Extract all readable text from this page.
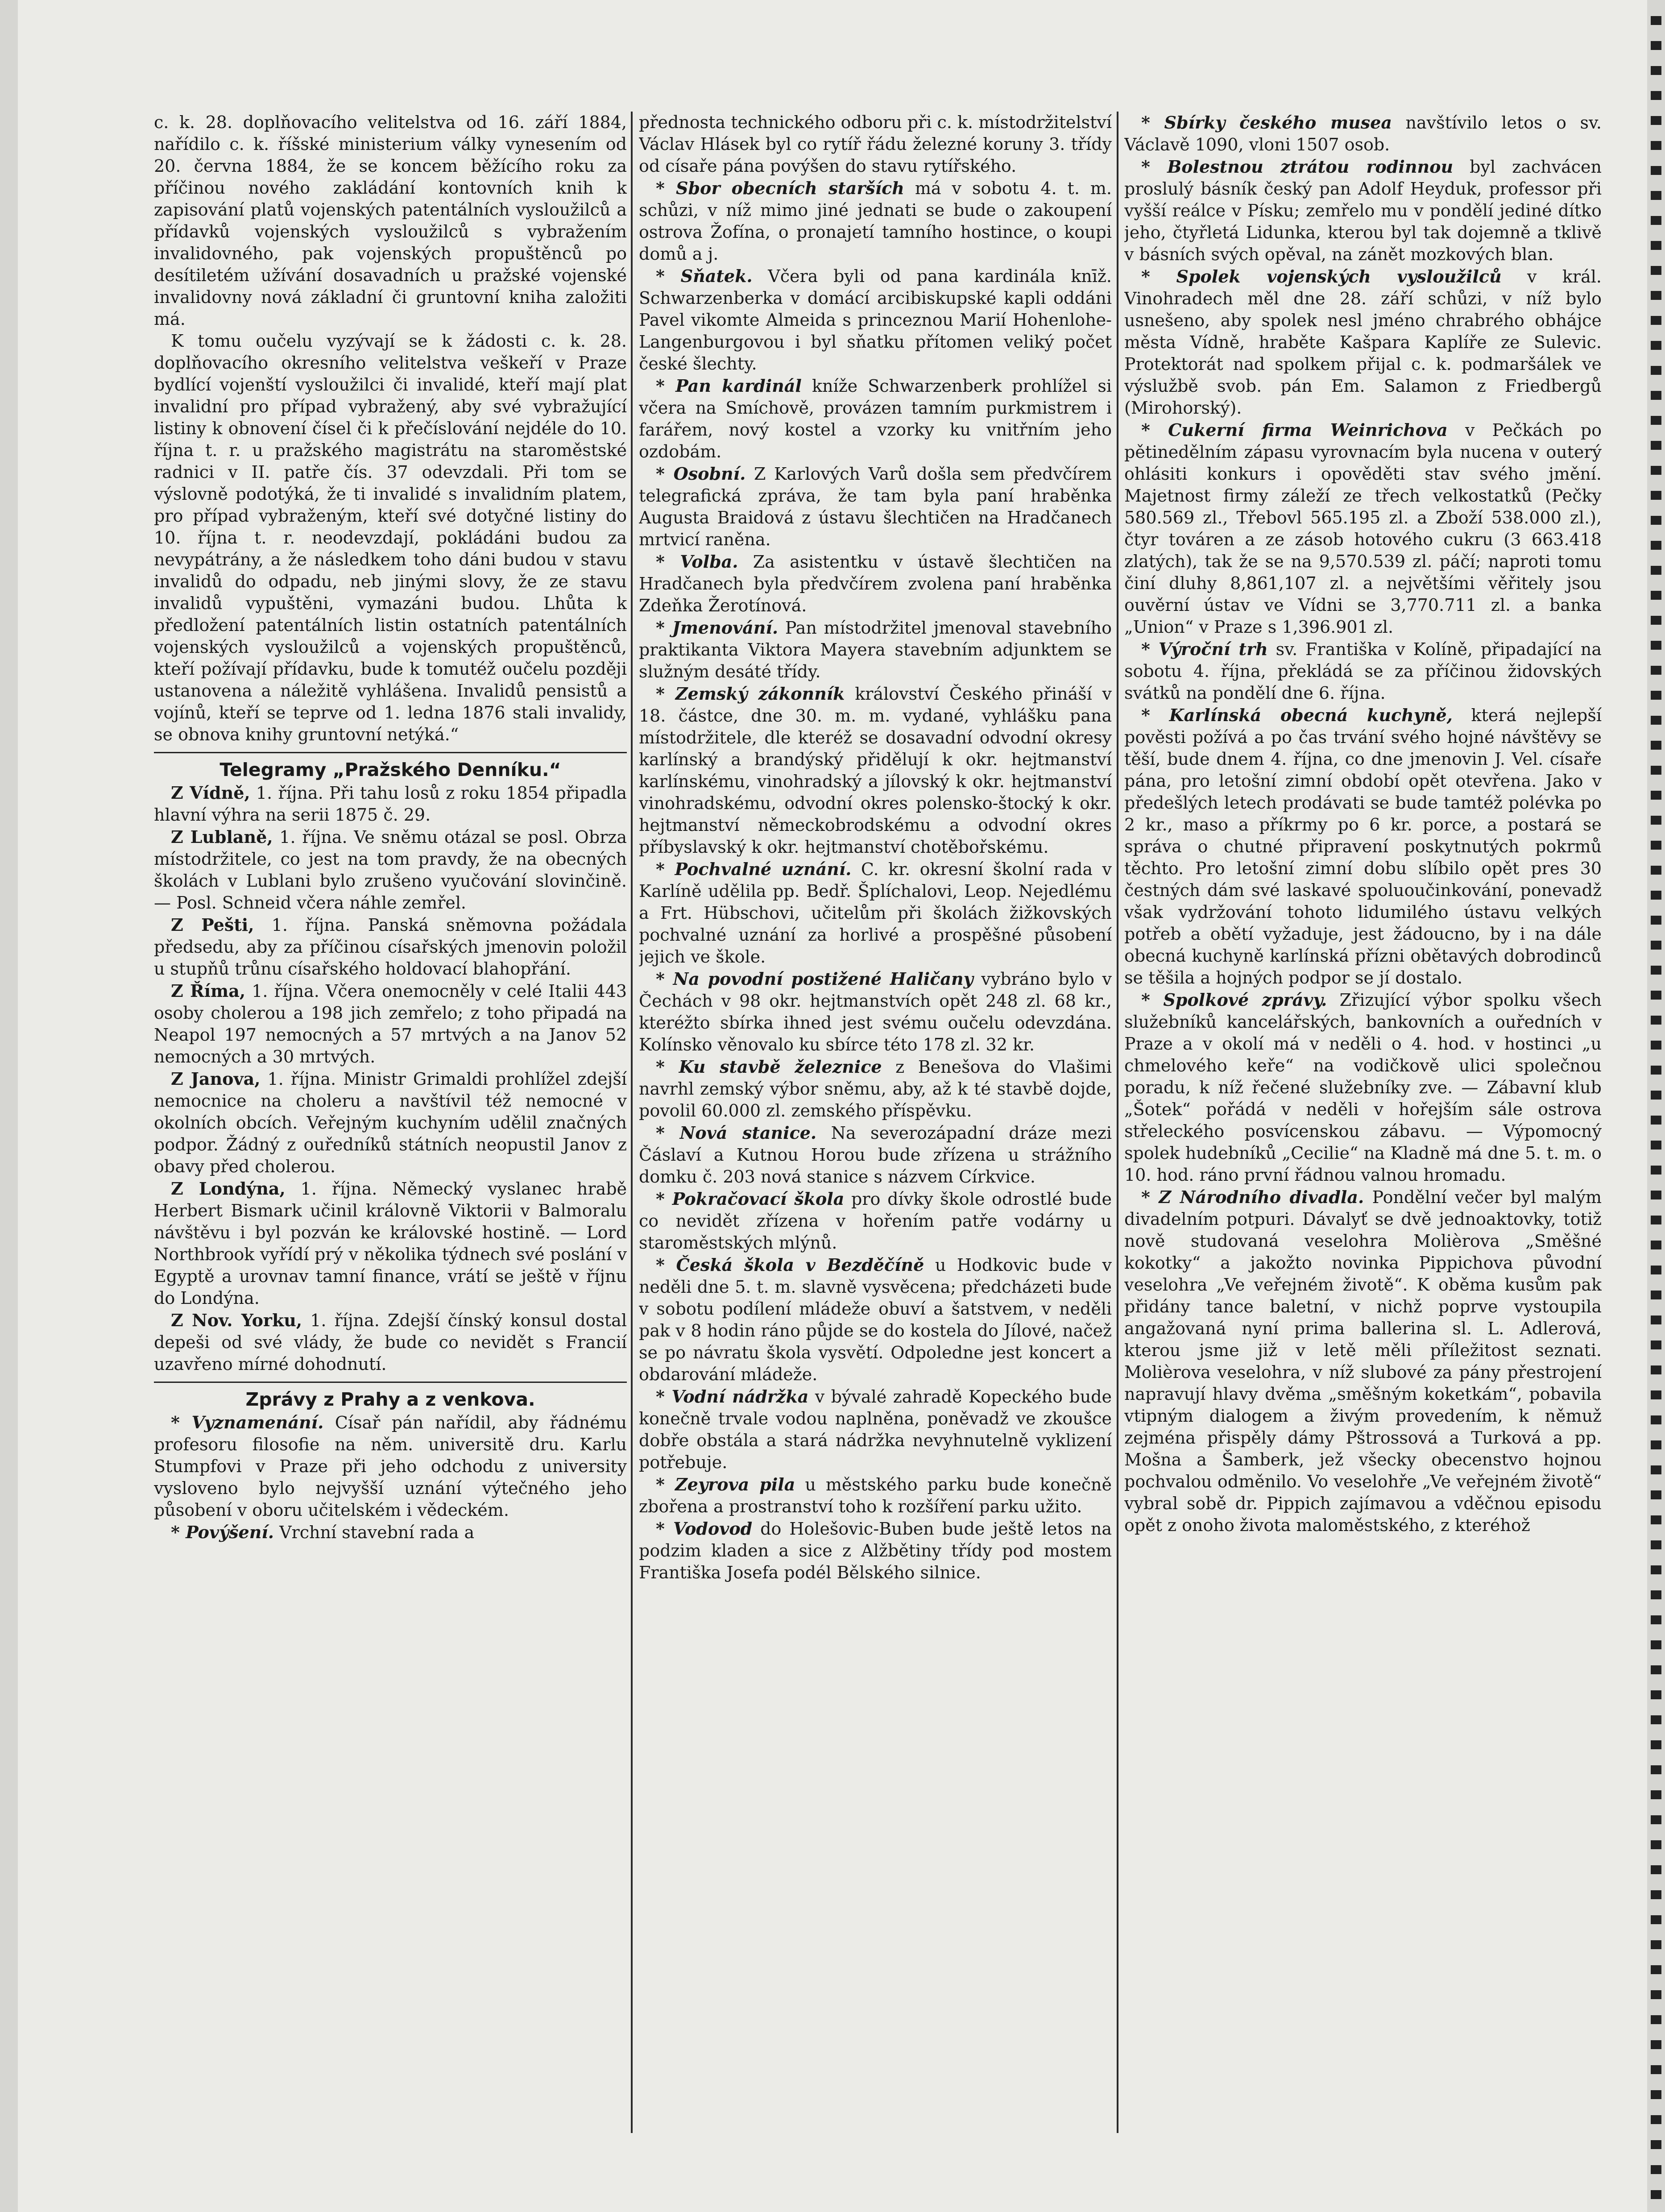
c. k. 28. doplňovacího velitelstva od 16. září 1884, nařídilo c. k. říšské ministerium války vynesením od 20. června 1884, že se koncem běžícího roku za příčinou nového zakládání kontovních knih k zapisování platů vojenských patentálních vysloužilců a přídavků vojenských vysloužilců s vybražením invalidovného, pak vojenských propuštěnců po desítiletém užívání dosavadních u pražské vojenské invalidovny nová základní či gruntovní kniha založiti má.

K tomu oučelu vyzývají se k žádosti c. k. 28. doplňovacího okresního velitelstva veškeří v Praze bydlící vojenští vysloužilci či invalidé, kteří mají plat invalidní pro případ vybražený, aby své vybražující listiny k obnovení čísel či k přečíslování nejdéle do 10. října t. r. u pražského magistrátu na staroměstské radnici v II. patře čís. 37 odevzdali. Při tom se výslovně podotýká, že ti invalidé s invalidním platem, pro případ vybraženým, kteří své dotyčné listiny do 10. října t. r. neodevzdají, pokládáni budou za nevypátrány, a že následkem toho dáni budou v stavu invalidů do odpadu, neb jinými slovy, že ze stavu invalidů vypuštěni, vymazáni budou. Lhůta k předložení patentálních listin ostatních patentálních vojenských vysloužilců a vojenských propuštěnců, kteří požívají přídavku, bude k tomutéž oučelu později ustanovena a náležitě vyhlášena. Invalidů pensistů a vojínů, kteří se teprve od 1. ledna 1876 stali invalidy, se obnova knihy gruntovní netýká.“

Telegramy „Pražského Denníku.“

Z Vídně, 1. října. Při tahu losů z roku 1854 připadla hlavní výhra na serii 1875 č. 29.

Z Lublaně, 1. října. Ve sněmu otázal se posl. Obrza místodržitele, co jest na tom pravdy, že na obecných školách v Lublani bylo zrušeno vyučování slovinčině. — Posl. Schneid včera náhle zemřel.

Z Pešti, 1. října. Panská sněmovna požádala předsedu, aby za příčinou císařských jmenovin položil u stupňů trůnu císařského holdovací blahopřání.

Z Říma, 1. října. Včera onemocněly v celé Italii 443 osoby cholerou a 198 jich zemřelo; z toho připadá na Neapol 197 nemocných a 57 mrtvých a na Janov 52 nemocných a 30 mrtvých.

Z Janova, 1. října. Ministr Grimaldi prohlížel zdejší nemocnice na choleru a navštívil též nemocné v okolních obcích. Veřejným kuchyním udělil značných podpor. Žádný z ouředníků státních neopustil Janov z obavy před cholerou.

Z Londýna, 1. října. Německý vyslanec hrabě Herbert Bismark učinil královně Viktorii v Balmoralu návštěvu i byl pozván ke královské hostině. — Lord Northbrook vyřídí prý v několika týdnech své poslání v Egyptě a urovnav tamní finance, vrátí se ještě v říjnu do Londýna.

Z Nov. Yorku, 1. října. Zdejší čínský konsul dostal depeši od své vlády, že bude co nevidět s Francií uzavřeno mírné dohodnutí.

Zprávy z Prahy a z venkova.

* Vyznamenání. Císař pán nařídil, aby řádnému profesoru filosofie na něm. universitě dru. Karlu Stumpfovi v Praze při jeho odchodu z university vysloveno bylo nejvyšší uznání výtečného jeho působení v oboru učitelském i vědeckém.

* Povýšení. Vrchní stavební rada a

přednosta technického odboru při c. k. místodržitelství Václav Hlásek byl co rytíř řádu železné koruny 3. třídy od císaře pána povýšen do stavu rytířského.

* Sbor obecních starších má v sobotu 4. t. m. schůzi, v níž mimo jiné jednati se bude o zakoupení ostrova Žofína, o pronajetí tamního hostince, o koupi domů a j.

* Sňatek. Včera byli od pana kardinála knīž. Schwarzenberka v domácí arcibiskupské kapli oddáni Pavel vikomte Almeida s princeznou Marií Hohenlohe-Langenburgovou i byl sňatku přítomen veliký počet české šlechty.

* Pan kardinál kníže Schwarzenberk prohlížel si včera na Smíchově, provázen tamním purkmistrem i farářem, nový kostel a vzorky ku vnitřním jeho ozdobám.

* Osobní. Z Karlových Varů došla sem předvčírem telegrafická zpráva, že tam byla paní hraběnka Augusta Braidová z ústavu šlechtičen na Hradčanech mrtvicí raněna.

* Volba. Za asistentku v ústavě šlechtičen na Hradčanech byla předvčírem zvolena paní hraběnka Zdeňka Žerotínová.

* Jmenování. Pan místodržitel jmenoval stavebního praktikanta Viktora Mayera stavebním adjunktem se služným desáté třídy.

* Zemský zákonník království Českého přináší v 18. částce, dne 30. m. m. vydané, vyhlášku pana místodržitele, dle kteréž se dosavadní odvodní okresy karlínský a brandýský přidělují k okr. hejtmanství karlínskému, vinohradský a jílovský k okr. hejtmanství vinohradskému, odvodní okres polensko-štocký k okr. hejtmanství německobrodskému a odvodní okres příbyslavský k okr. hejtmanství chotěbořskému.

* Pochvalné uznání. C. kr. okresní školní rada v Karlíně udělila pp. Bedř. Šplíchalovi, Leop. Nejedlému a Frt. Hübschovi, učitelům při školách žižkovských pochvalné uznání za horlivé a prospěšné působení jejich ve škole.

* Na povodní postižené Haličany vybráno bylo v Čechách v 98 okr. hejtmanstvích opět 248 zl. 68 kr., kteréžto sbírka ihned jest svému oučelu odevzdána. Kolínsko věnovalo ku sbírce této 178 zl. 32 kr.

* Ku stavbě železnice z Benešova do Vlašimi navrhl zemský výbor sněmu, aby, až k té stavbě dojde, povolil 60.000 zl. zemského příspěvku.

* Nová stanice. Na severozápadní dráze mezi Čáslaví a Kutnou Horou bude zřízena u strážního domku č. 203 nová stanice s názvem Církvice.

* Pokračovací škola pro dívky škole odrostlé bude co nevidět zřízena v hořením patře vodárny u staroměstských mlýnů.

* Česká škola v Bezděčíně u Hodkovic bude v neděli dne 5. t. m. slavně vysvěcena; předcházeti bude v sobotu podílení mládeže obuví a šatstvem, v neděli pak v 8 hodin ráno půjde se do kostela do Jílové, načež se po návratu škola vysvětí. Odpoledne jest koncert a obdarování mládeže.

* Vodní nádržka v bývalé zahradě Kopeckého bude konečně trvale vodou naplněna, poněvadž ve zkoušce dobře obstála a stará nádržka nevyhnutelně vyklizení potřebuje.

* Zeyrova pila u městského parku bude konečně zbořena a prostranství toho k rozšíření parku užito.

* Vodovod do Holešovic-Buben bude ještě letos na podzim kladen a sice z Alžbětiny třídy pod mostem Františka Josefa podél Bělského silnice.

* Sbírky českého musea navštívilo letos o sv. Václavě 1090, vloni 1507 osob.

* Bolestnou ztrátou rodinnou byl zachvácen proslulý básník český pan Adolf Heyduk, professor při vyšší reálce v Písku; zemřelo mu v pondělí jediné dítko jeho, čtyřletá Lidunka, kterou byl tak dojemně a tklivě v básních svých opěval, na zánět mozkových blan.

* Spolek vojenských vysloužilců v král. Vinohradech měl dne 28. září schůzi, v níž bylo usnešeno, aby spolek nesl jméno chrabrého obhájce města Vídně, hraběte Kašpara Kaplíře ze Sulevic. Protektorát nad spolkem přijal c. k. podmaršálek ve výslužbě svob. pán Em. Salamon z Friedbergů (Mirohorský).

* Cukerní firma Weinrichova v Pečkách po pětinedělním zápasu vyrovnacím byla nucena v outerý ohlásiti konkurs i opověděti stav svého jmění. Majetnost firmy záleží ze třech velkostatků (Pečky 580.569 zl., Třebovl 565.195 zl. a Zboží 538.000 zl.), čtyr továren a ze zásob hotového cukru (3 663.418 zlatých), tak že se na 9,570.539 zl. páčí; naproti tomu činí dluhy 8,861,107 zl. a největšími věřitely jsou ouvěrní ústav ve Vídni se 3,770.711 zl. a banka „Union“ v Praze s 1,396.901 zl.

* Výroční trh sv. Františka v Kolíně, připadající na sobotu 4. října, překládá se za příčinou židovských svátků na pondělí dne 6. října.

* Karlínská obecná kuchyně, která nejlepší pověsti požívá a po čas trvání svého hojné návštěvy se těší, bude dnem 4. října, co dne jmenovin J. Vel. císaře pána, pro letošní zimní období opět otevřena. Jako v předešlých letech prodávati se bude tamtéž polévka po 2 kr., maso a příkrmy po 6 kr. porce, a postará se správa o chutné připravení poskytnutých pokrmů těchto. Pro letošní zimní dobu slíbilo opět pres 30 čestných dám své laskavé spoluoučinkování, ponevadž však vydržování tohoto lidumilého ústavu velkých potřeb a obětí vyžaduje, jest žádoucno, by i na dále obecná kuchyně karlínská přízni obětavých dobrodinců se těšila a hojných podpor se jí dostalo.

* Spolkové zprávy. Zřizující výbor spolku všech služebníků kancelářských, bankovních a ouředních v Praze a v okolí má v neděli o 4. hod. v hostinci „u chmelového keře“ na vodičkově ulici společnou poradu, k níž řečené služebníky zve. — Zábavní klub „Šotek“ pořádá v neděli v hořejším sále ostrova střeleckého posvícenskou zábavu. — Výpomocný spolek hudebníků „Cecilie“ na Kladně má dne 5. t. m. o 10. hod. ráno první řádnou valnou hromadu.

* Z Národního divadla. Pondělní večer byl malým divadelním potpuri. Dávalyť se dvě jednoaktovky, totiž nově studovaná veselohra Molièrova „Směšné kokotky“ a jakožto novinka Pippichova původní veselohra „Ve veřejném životě“. K oběma kusům pak přidány tance baletní, v nichž poprve vystoupila angažovaná nyní prima ballerina sl. L. Adlerová, kterou jsme již v letě měli příležitost seznati. Molièrova veselohra, v níž slubové za pány přestrojení napravují hlavy dvěma „směšným koketkám“, pobavila vtipným dialogem a živým provedením, k němuž zejména přispěly dámy Pštrossová a Turková a pp. Mošna a Šamberk, jež všecky obecenstvo hojnou pochvalou odměnilo. Vo veselohře „Ve veřejném životě“ vybral sobě dr. Pippich zajímavou a vděčnou episodu opět z onoho života maloměstského, z kteréhož
